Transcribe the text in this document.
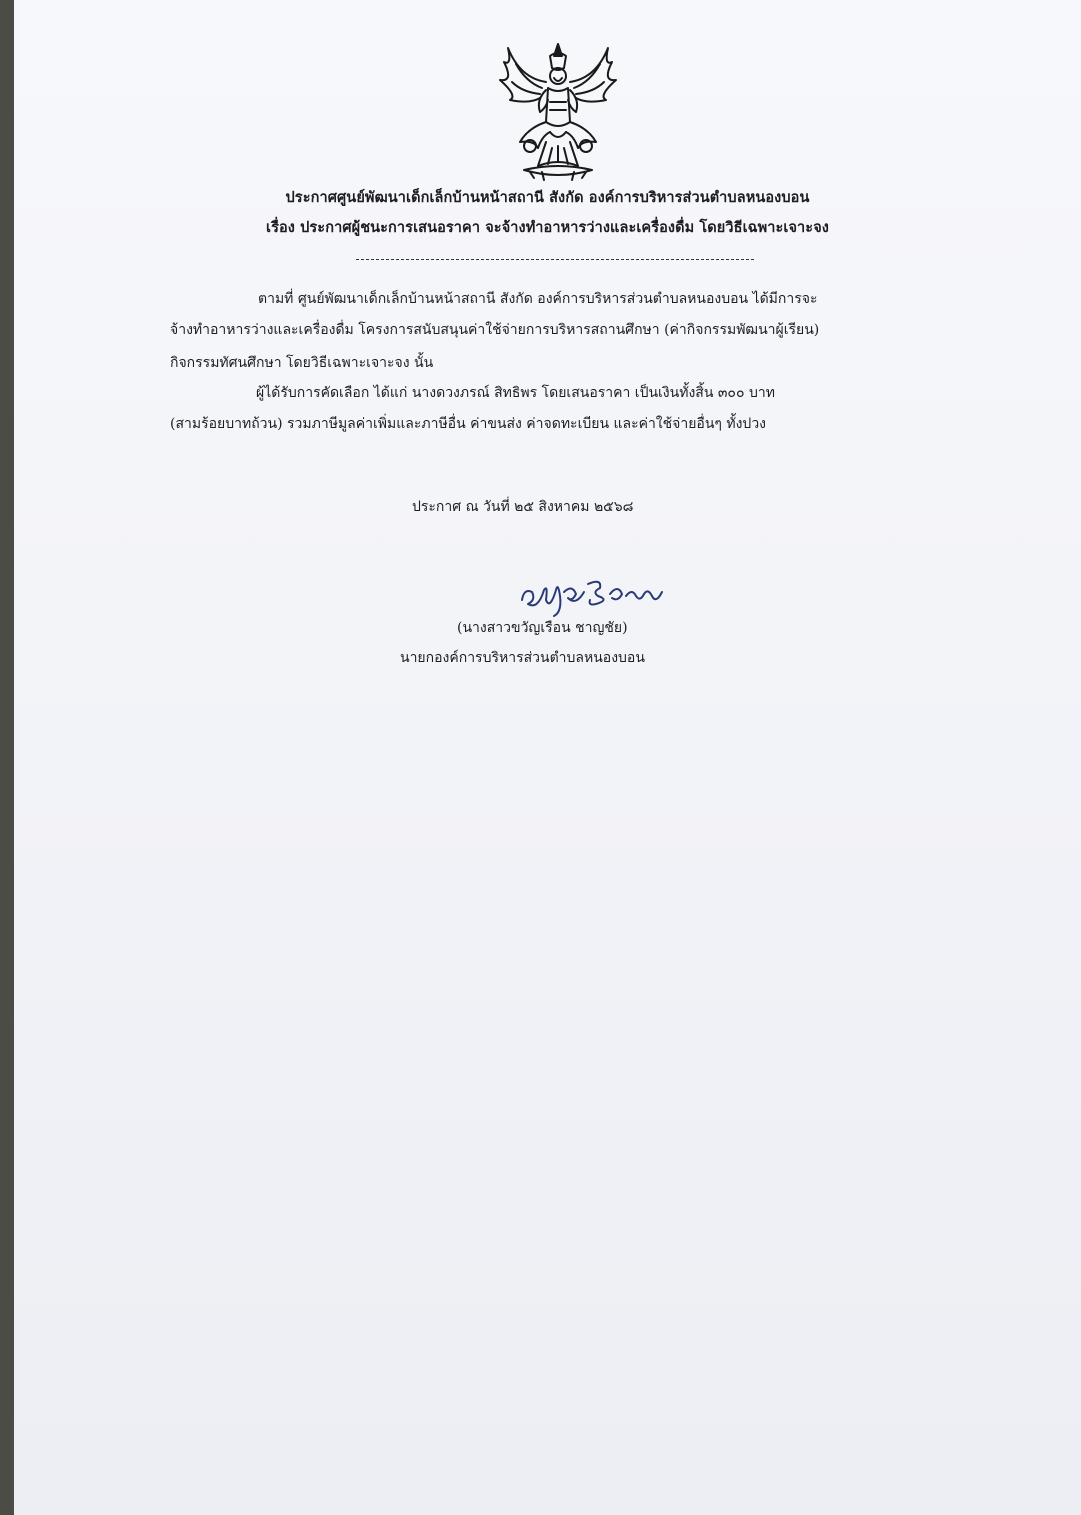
ประกาศศูนย์พัฒนาเด็กเล็กบ้านหน้าสถานี สังกัด องค์การบริหารส่วนตำบลหนองบอน
เรื่อง ประกาศผู้ชนะการเสนอราคา จะจ้างทำอาหารว่างและเครื่องดื่ม โดยวิธีเฉพาะเจาะจง
ตามที่ ศูนย์พัฒนาเด็กเล็กบ้านหน้าสถานี สังกัด องค์การบริหารส่วนตำบลหนองบอน ได้มีการจะ
จ้างทำอาหารว่างและเครื่องดื่ม โครงการสนับสนุนค่าใช้จ่ายการบริหารสถานศึกษา (ค่ากิจกรรมพัฒนาผู้เรียน)
กิจกรรมทัศนศึกษา โดยวิธีเฉพาะเจาะจง นั้น
ผู้ได้รับการคัดเลือก ได้แก่ นางดวงภรณ์ สิทธิพร โดยเสนอราคา เป็นเงินทั้งสิ้น ๓๐๐ บาท
(สามร้อยบาทถ้วน) รวมภาษีมูลค่าเพิ่มและภาษีอื่น ค่าขนส่ง ค่าจดทะเบียน และค่าใช้จ่ายอื่นๆ ทั้งปวง
ประกาศ ณ วันที่ ๒๕ สิงหาคม ๒๕๖๘
(นางสาวขวัญเรือน ชาญชัย)
นายกองค์การบริหารส่วนตำบลหนองบอน
